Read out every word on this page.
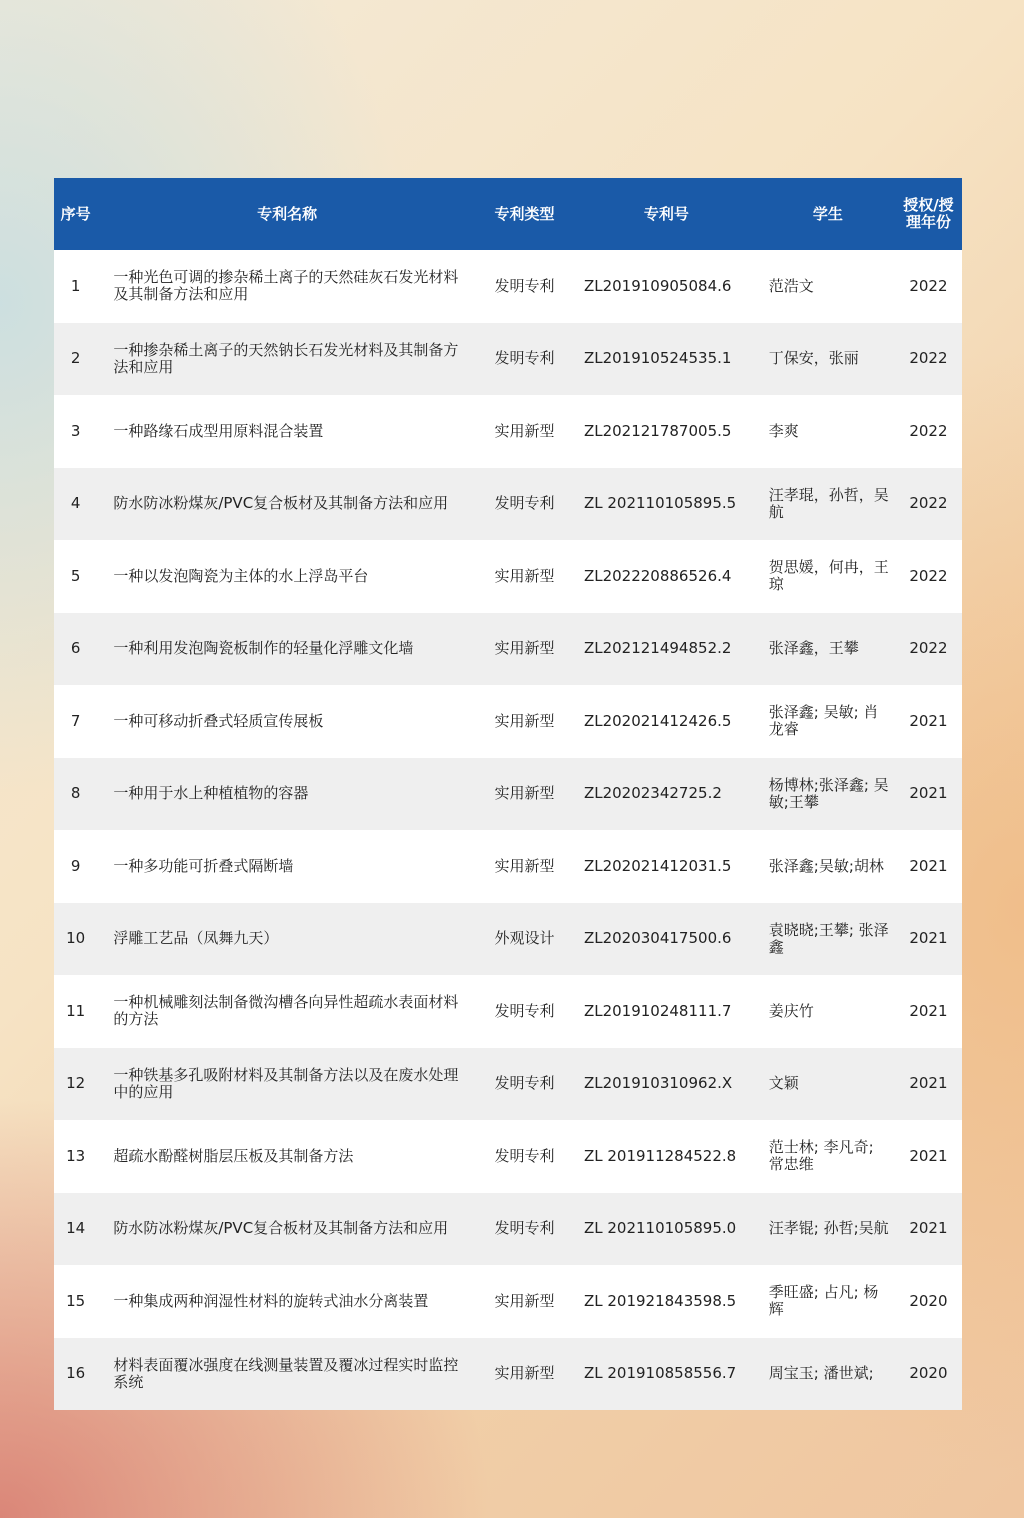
序号	专利名称	专利类型	专利号	学生	授权/授理年份
1	一种光色可调的掺杂稀土离子的天然硅灰石发光材料及其制备方法和应用	发明专利	ZL201910905084.6	范浩文	2022
2	一种掺杂稀土离子的天然钠长石发光材料及其制备方法和应用	发明专利	ZL201910524535.1	丁保安，张丽	2022
3	一种路缘石成型用原料混合装置	实用新型	ZL202121787005.5	李爽	2022
4	防水防冰粉煤灰/PVC复合板材及其制备方法和应用	发明专利	ZL 202110105895.5	汪孝琨，孙哲，吴航	2022
5	一种以发泡陶瓷为主体的水上浮岛平台	实用新型	ZL202220886526.4	贺思媛，何冉，王琼	2022
6	一种利用发泡陶瓷板制作的轻量化浮雕文化墙	实用新型	ZL202121494852.2	张泽鑫，王攀	2022
7	一种可移动折叠式轻质宣传展板	实用新型	ZL202021412426.5	张泽鑫; 吴敏; 肖龙睿	2021
8	一种用于水上种植植物的容器	实用新型	ZL20202342725.2	杨博林;张泽鑫; 吴敏;王攀	2021
9	一种多功能可折叠式隔断墙	实用新型	ZL202021412031.5	张泽鑫;吴敏;胡林	2021
10	浮雕工艺品（凤舞九天）	外观设计	ZL202030417500.6	袁晓晓;王攀; 张泽鑫	2021
11	一种机械雕刻法制备微沟槽各向异性超疏水表面材料的方法	发明专利	ZL201910248111.7	姜庆竹	2021
12	一种铁基多孔吸附材料及其制备方法以及在废水处理中的应用	发明专利	ZL201910310962.X	文颖	2021
13	超疏水酚醛树脂层压板及其制备方法	发明专利	ZL 201911284522.8	范士林; 李凡奇; 常忠维	2021
14	防水防冰粉煤灰/PVC复合板材及其制备方法和应用	发明专利	ZL 202110105895.0	汪孝锟; 孙哲;吴航	2021
15	一种集成两种润湿性材料的旋转式油水分离装置	实用新型	ZL 201921843598.5	季旺盛; 占凡; 杨辉	2020
16	材料表面覆冰强度在线测量装置及覆冰过程实时监控系统	实用新型	ZL 201910858556.7	周宝玉; 潘世斌;	2020
